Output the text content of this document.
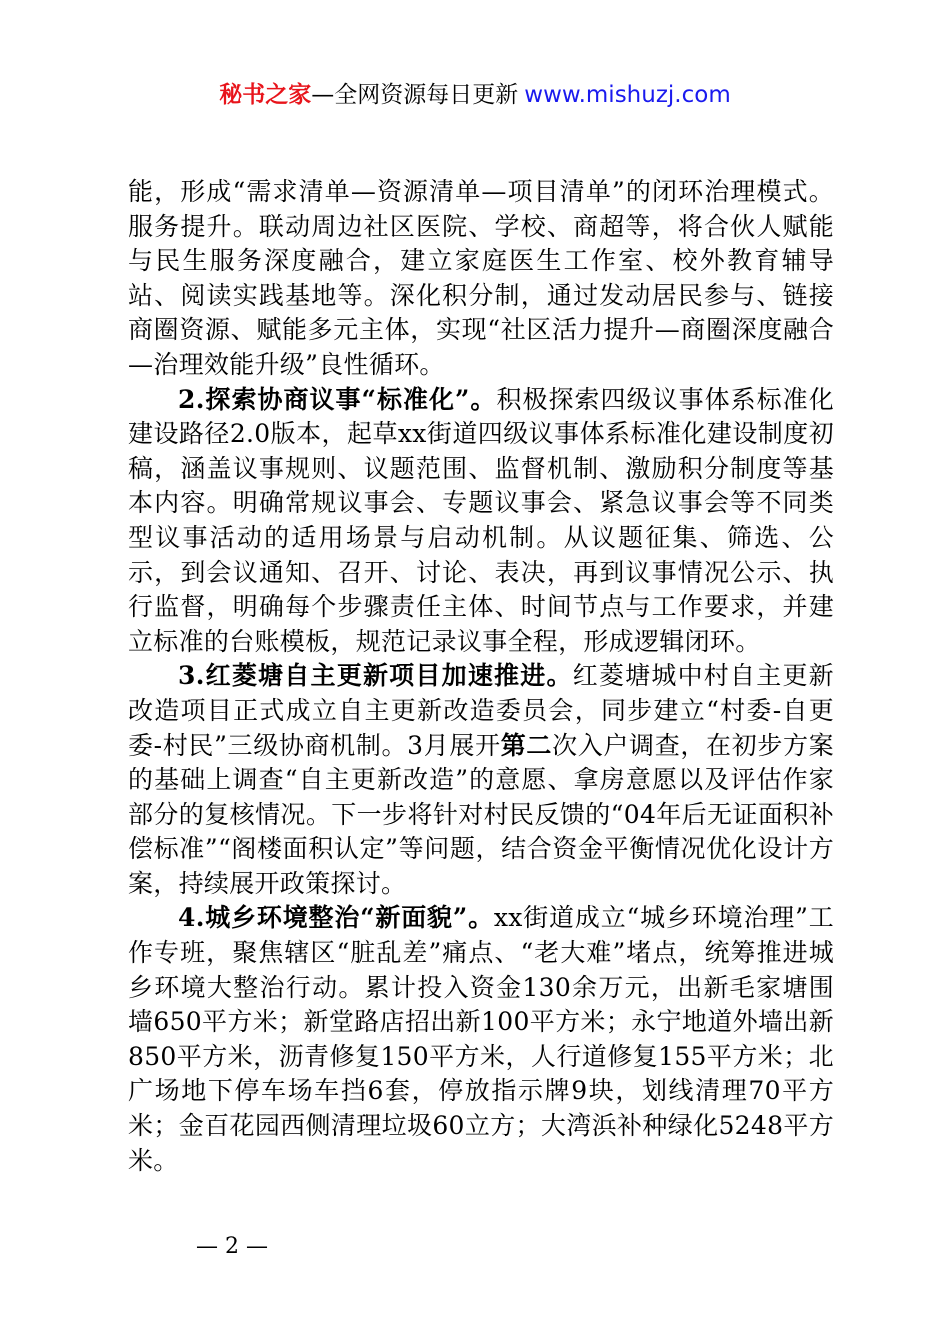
秘书之家—全网资源每日更新 www.mishuzj.com

能，形成“需求清单—资源清单—项目清单”的闭环治理模式。服务提升。联动周边社区医院、学校、商超等，将合伙人赋能与民生服务深度融合，建立家庭医生工作室、校外教育辅导站、阅读实践基地等。深化积分制，通过发动居民参与、链接商圈资源、赋能多元主体，实现“社区活力提升—商圈深度融合—治理效能升级”良性循环。

2.探索协商议事“标准化”。积极探索四级议事体系标准化建设路径2.0版本，起草xx街道四级议事体系标准化建设制度初稿，涵盖议事规则、议题范围、监督机制、激励积分制度等基本内容。明确常规议事会、专题议事会、紧急议事会等不同类型议事活动的适用场景与启动机制。从议题征集、筛选、公示，到会议通知、召开、讨论、表决，再到议事情况公示、执行监督，明确每个步骤责任主体、时间节点与工作要求，并建立标准的台账模板，规范记录议事全程，形成逻辑闭环。

3.红菱塘自主更新项目加速推进。红菱塘城中村自主更新改造项目正式成立自主更新改造委员会，同步建立“村委-自更委-村民”三级协商机制。3月展开第二次入户调查，在初步方案的基础上调查“自主更新改造”的意愿、拿房意愿以及评估作家部分的复核情况。下一步将针对村民反馈的“04年后无证面积补偿标准”“阁楼面积认定”等问题，结合资金平衡情况优化设计方案，持续展开政策探讨。

4.城乡环境整治“新面貌”。xx街道成立“城乡环境治理”工作专班，聚焦辖区“脏乱差”痛点、“老大难”堵点，统筹推进城乡环境大整治行动。累计投入资金130余万元，出新毛家塘围墙650平方米；新堂路店招出新100平方米；永宁地道外墙出新850平方米，沥青修复150平方米，人行道修复155平方米；北广场地下停车场车挡6套，停放指示牌9块，划线清理70平方米；金百花园西侧清理垃圾60立方；大湾浜补种绿化5248平方米。

— 2 —
